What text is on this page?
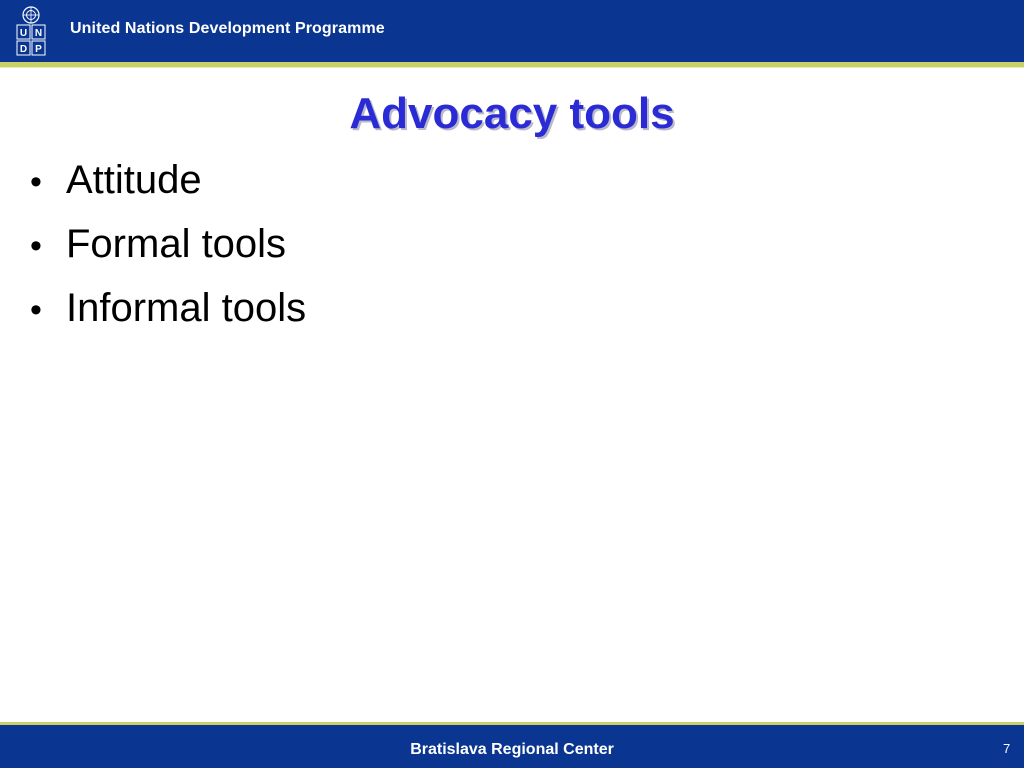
U N
D P
United Nations Development Programme
Advocacy tools
• Attitude
• Formal tools
• Informal tools
Bratislava Regional Center	7
